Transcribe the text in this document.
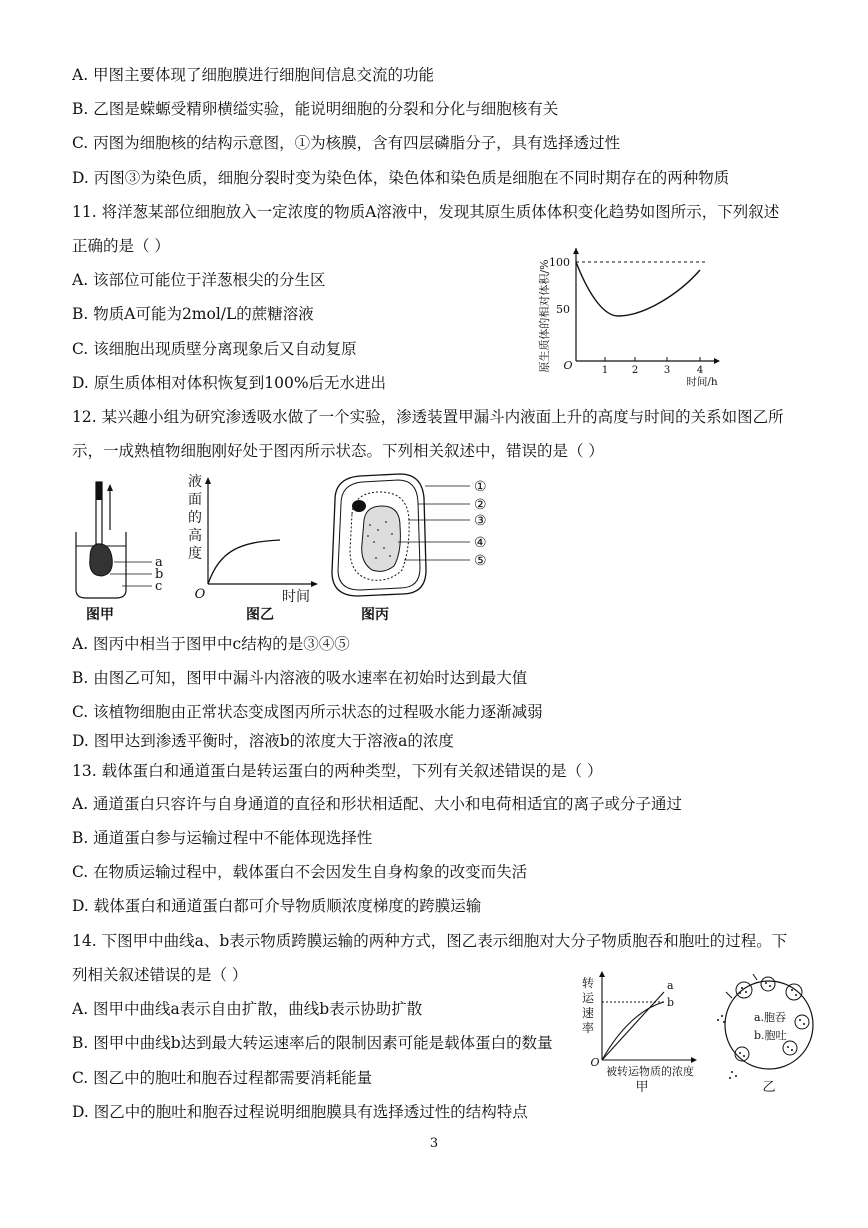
A. 甲图主要体现了细胞膜进行细胞间信息交流的功能
B. 乙图是蝾螈受精卵横缢实验，能说明细胞的分裂和分化与细胞核有关
C. 丙图为细胞核的结构示意图，①为核膜，含有四层磷脂分子，具有选择透过性
D. 丙图③为染色质，细胞分裂时变为染色体，染色体和染色质是细胞在不同时期存在的两种物质
11. 将洋葱某部位细胞放入一定浓度的物质A溶液中，发现其原生质体体积变化趋势如图所示，下列叙述
正确的是（ ）
A. 该部位可能位于洋葱根尖的分生区
B. 物质A可能为2mol/L的蔗糖溶液
C. 该细胞出现质壁分离现象后又自动复原
D. 原生质体相对体积恢复到100%后无水进出
原生质体的相对体积/%
100
50
O	1 2	3	4
时间/h
12. 某兴趣小组为研究渗透吸水做了一个实验，渗透装置甲漏斗内液面上升的高度与时间的关系如图乙所
示，一成熟植物细胞刚好处于图丙所示状态。下列相关叙述中，错误的是（ ）
a
b
c
图甲
液
面
的
高
度
O	时间
图乙
①
②
③
④
⑤
图丙
A. 图丙中相当于图甲中c结构的是③④⑤
B. 由图乙可知，图甲中漏斗内溶液的吸水速率在初始时达到最大值
C. 该植物细胞由正常状态变成图丙所示状态的过程吸水能力逐渐减弱
D. 图甲达到渗透平衡时，溶液b的浓度大于溶液a的浓度
13. 载体蛋白和通道蛋白是转运蛋白的两种类型，下列有关叙述错误的是（ ）
A. 通道蛋白只容许与自身通道的直径和形状相适配、大小和电荷相适宜的离子或分子通过
B. 通道蛋白参与运输过程中不能体现选择性
C. 在物质运输过程中，载体蛋白不会因发生自身构象的改变而失活
D. 载体蛋白和通道蛋白都可介导物质顺浓度梯度的跨膜运输
14. 下图甲中曲线a、b表示物质跨膜运输的两种方式，图乙表示细胞对大分子物质胞吞和胞吐的过程。下
列相关叙述错误的是（ ）
A. 图甲中曲线a表示自由扩散，曲线b表示协助扩散
B. 图甲中曲线b达到最大转运速率后的限制因素可能是载体蛋白的数量
C. 图乙中的胞吐和胞吞过程都需要消耗能量
D. 图乙中的胞吐和胞吞过程说明细胞膜具有选择透过性的结构特点
转
运
速
率
a
b
O
被转运物质的浓度
甲
a.胞吞
b.胞吐
乙
3
